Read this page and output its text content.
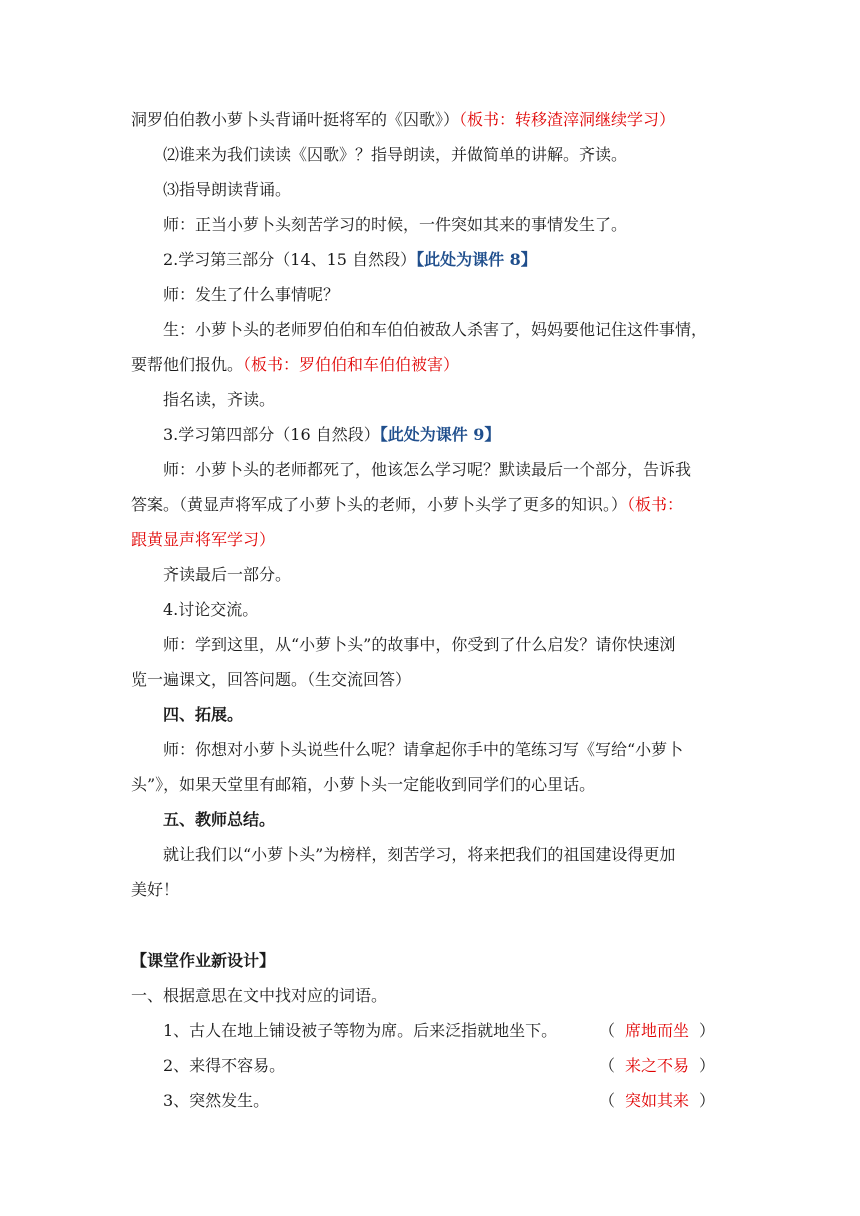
洞罗伯伯教小萝卜头背诵叶挺将军的《囚歌》）（板书：转移渣滓洞继续学习）
⑵谁来为我们读读《囚歌》？指导朗读，并做简单的讲解。齐读。
⑶指导朗读背诵。
师：正当小萝卜头刻苦学习的时候，一件突如其来的事情发生了。
2.学习第三部分（14、15 自然段）【此处为课件 8】
师：发生了什么事情呢？
生：小萝卜头的老师罗伯伯和车伯伯被敌人杀害了，妈妈要他记住这件事情，
要帮他们报仇。（板书：罗伯伯和车伯伯被害）
指名读，齐读。
3.学习第四部分（16 自然段）【此处为课件 9】
师：小萝卜头的老师都死了，他该怎么学习呢？默读最后一个部分，告诉我
答案。（黄显声将军成了小萝卜头的老师，小萝卜头学了更多的知识。）（板书：
跟黄显声将军学习）
齐读最后一部分。
4.讨论交流。
师：学到这里，从“小萝卜头”的故事中，你受到了什么启发？请你快速浏
览一遍课文，回答问题。（生交流回答）
四、拓展。
师：你想对小萝卜头说些什么呢？请拿起你手中的笔练习写《写给“小萝卜
头”》，如果天堂里有邮箱，小萝卜头一定能收到同学们的心里话。
五、教师总结。
就让我们以“小萝卜头”为榜样，刻苦学习，将来把我们的祖国建设得更加
美好！
【课堂作业新设计】
一、根据意思在文中找对应的词语。
1、古人在地上铺设被子等物为席。后来泛指就地坐下。	（ 席地而坐 ）
2、来得不容易。	（ 来之不易 ）
3、突然发生。	（ 突如其来 ）
